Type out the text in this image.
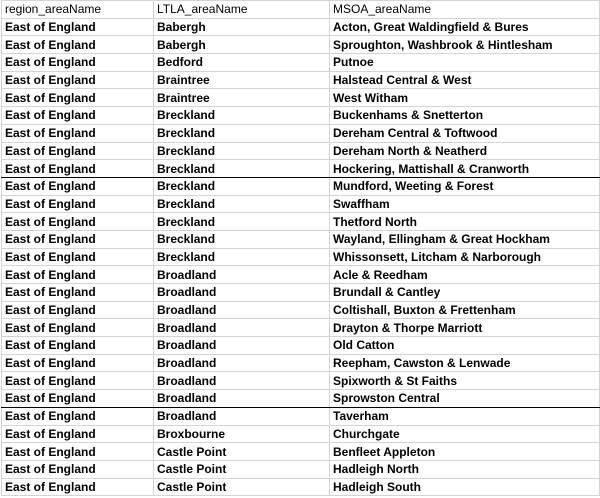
region_areaName	LTLA_areaName	MSOA_areaName
East of England	Babergh	Acton, Great Waldingfield & Bures
East of England	Babergh	Sproughton, Washbrook & Hintlesham
East of England	Bedford	Putnoe
East of England	Braintree	Halstead Central & West
East of England	Braintree	West Witham
East of England	Breckland	Buckenhams & Snetterton
East of England	Breckland	Dereham Central & Toftwood
East of England	Breckland	Dereham North & Neatherd
East of England	Breckland	Hockering, Mattishall & Cranworth
East of England	Breckland	Mundford, Weeting & Forest
East of England	Breckland	Swaffham
East of England	Breckland	Thetford North
East of England	Breckland	Wayland, Ellingham & Great Hockham
East of England	Breckland	Whissonsett, Litcham & Narborough
East of England	Broadland	Acle & Reedham
East of England	Broadland	Brundall & Cantley
East of England	Broadland	Coltishall, Buxton & Frettenham
East of England	Broadland	Drayton & Thorpe Marriott
East of England	Broadland	Old Catton
East of England	Broadland	Reepham, Cawston & Lenwade
East of England	Broadland	Spixworth & St Faiths
East of England	Broadland	Sprowston Central
East of England	Broadland	Taverham
East of England	Broxbourne	Churchgate
East of England	Castle Point	Benfleet Appleton
East of England	Castle Point	Hadleigh North
East of England	Castle Point	Hadleigh South
